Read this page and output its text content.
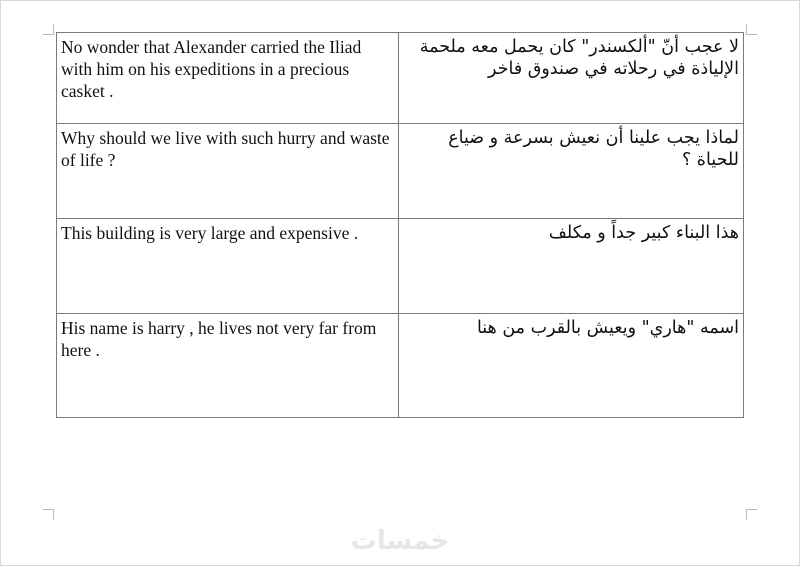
No wonder that Alexander carried the Iliad with him on his expeditions in a precious casket .	لا عجب أنّ "ألكسندر" كان يحمل معه ملحمة الإلياذة في رحلاته في صندوق فاخر
Why should we live with such hurry and waste of life ?	لماذا يجب علينا أن نعيش بسرعة و ضياع للحياة ؟
This building is very large and expensive .	هذا البناء كبير جداً و مكلف
His name is harry , he lives not very far from here .	اسمه "هاري" ويعيش بالقرب من هنا
خمسات
